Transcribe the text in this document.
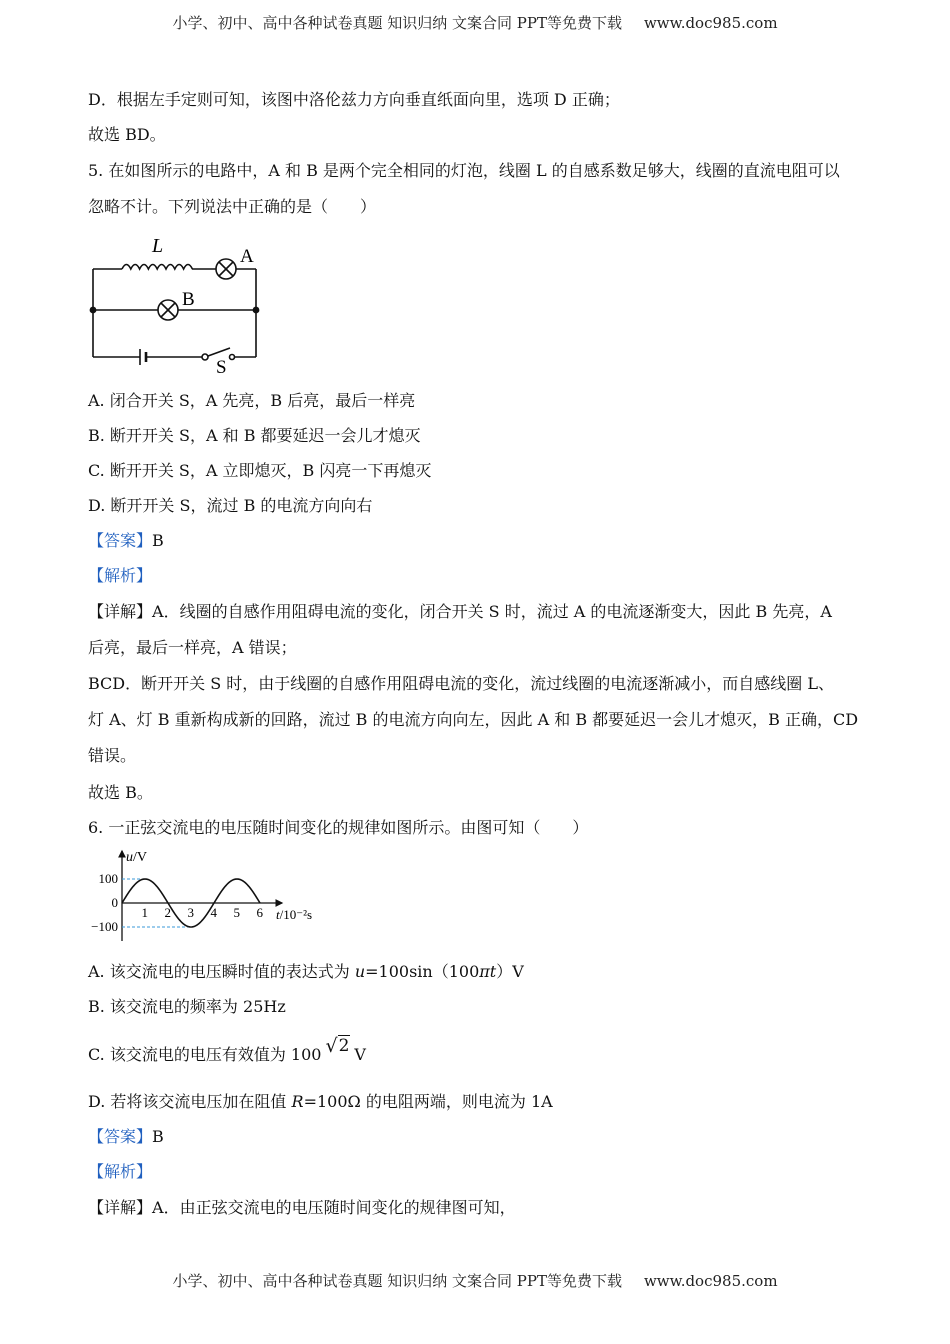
小学、初中、高中各种试卷真题 知识归纳 文案合同 PPT等免费下载 www.doc985.com
D．根据左手定则可知，该图中洛伦兹力方向垂直纸面向里，选项 D 正确；
故选 BD。
5. 在如图所示的电路中，A 和 B 是两个完全相同的灯泡，线圈 L 的自感系数足够大，线圈的直流电阻可以
忽略不计。下列说法中正确的是（　　）
L	A
B
S
A. 闭合开关 S，A 先亮，B 后亮，最后一样亮
B. 断开开关 S，A 和 B 都要延迟一会儿才熄灭
C. 断开开关 S，A 立即熄灭，B 闪亮一下再熄灭
D. 断开开关 S，流过 B 的电流方向向右
【答案】B
【解析】
【详解】A．线圈的自感作用阻碍电流的变化，闭合开关 S 时，流过 A 的电流逐渐变大，因此 B 先亮，A
后亮，最后一样亮，A 错误；
BCD．断开开关 S 时，由于线圈的自感作用阻碍电流的变化，流过线圈的电流逐渐减小，而自感线圈 L、
灯 A、灯 B 重新构成新的回路，流过 B 的电流方向向左，因此 A 和 B 都要延迟一会儿才熄灭，B 正确，CD
错误。
故选 B。
6. 一正弦交流电的电压随时间变化的规律如图所示。由图可知（　　）
1 2 3 4 5 6
100
0
−100
u/V
t/10⁻²s
A. 该交流电的电压瞬时值的表达式为 u=100sin（100πt）V
B. 该交流电的频率为 25Hz
C. 该交流电的电压有效值为 100 √2 V
D. 若将该交流电压加在阻值 R=100Ω 的电阻两端，则电流为 1A
【答案】B
【解析】
【详解】A．由正弦交流电的电压随时间变化的规律图可知，
小学、初中、高中各种试卷真题 知识归纳 文案合同 PPT等免费下载 www.doc985.com
